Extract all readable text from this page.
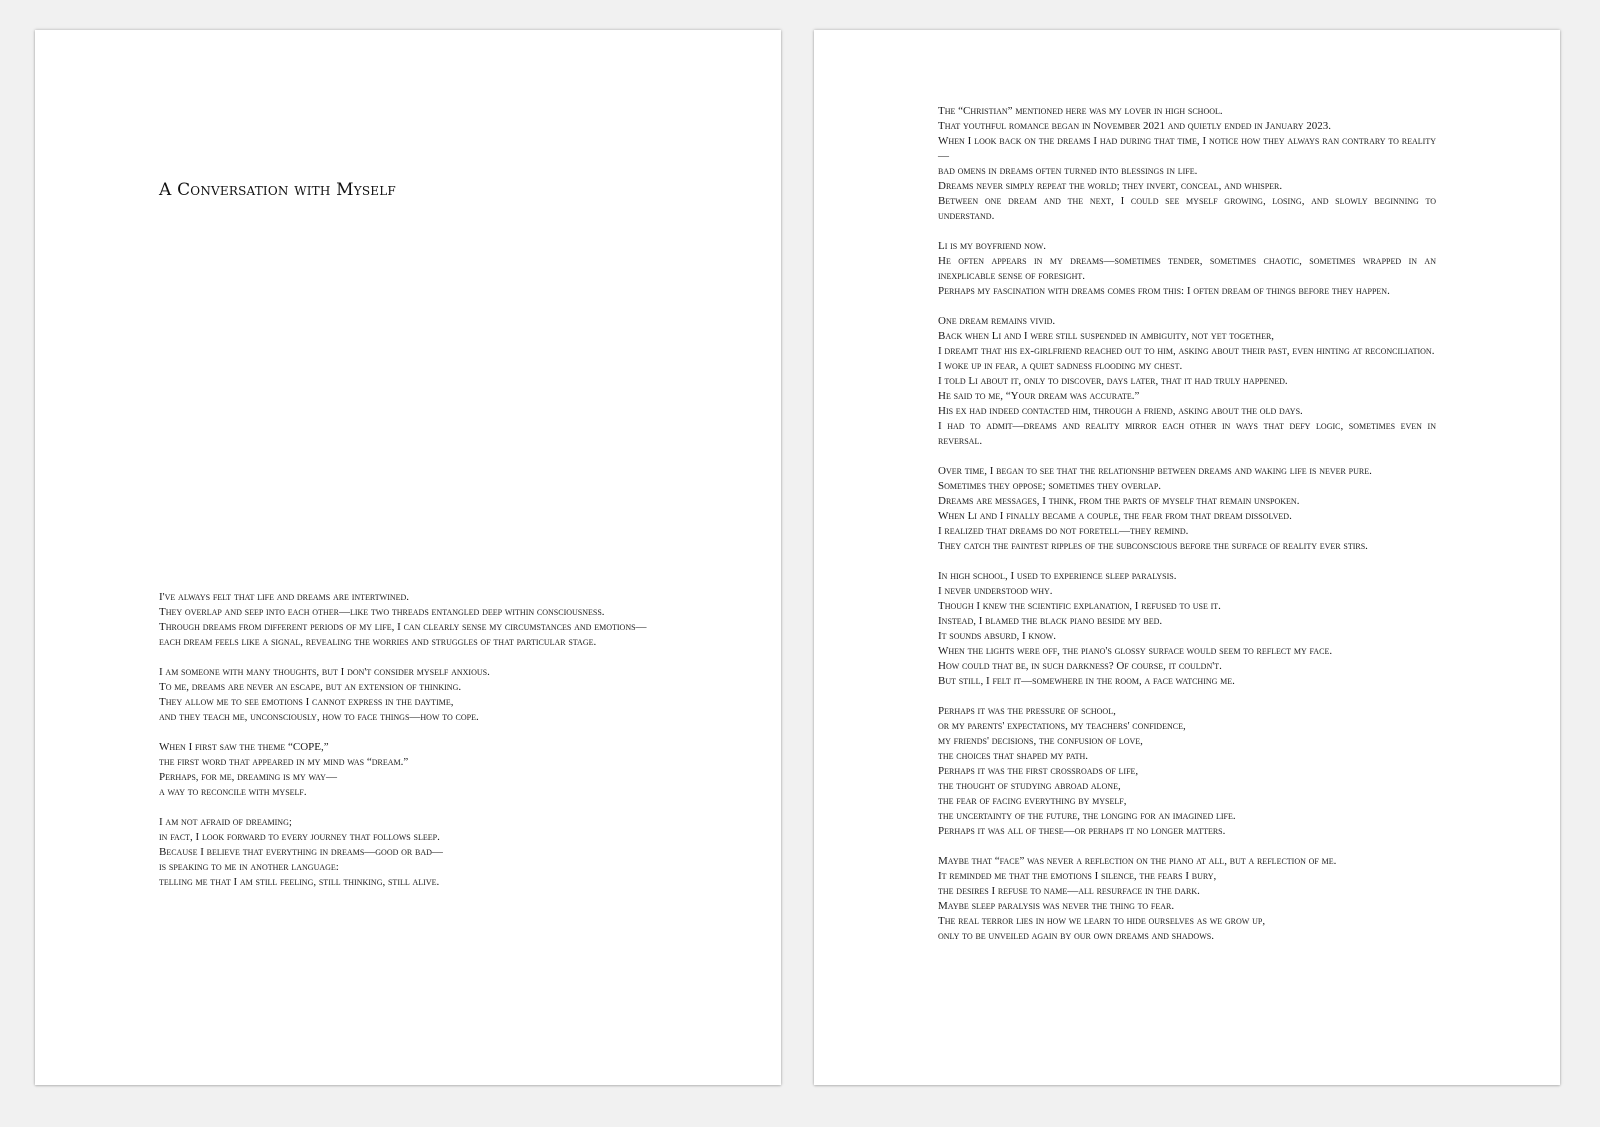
A Conversation with Myself

I've always felt that life and dreams are intertwined.
They overlap and seep into each other—like two threads entangled deep within consciousness.
Through dreams from different periods of my life, I can clearly sense my circumstances and emotions—
each dream feels like a signal, revealing the worries and struggles of that particular stage.

I am someone with many thoughts, but I don't consider myself anxious.
To me, dreams are never an escape, but an extension of thinking.
They allow me to see emotions I cannot express in the daytime,
and they teach me, unconsciously, how to face things—how to cope.

When I first saw the theme “COPE,”
the first word that appeared in my mind was “dream.”
Perhaps, for me, dreaming is my way—
a way to reconcile with myself.

I am not afraid of dreaming;
in fact, I look forward to every journey that follows sleep.
Because I believe that everything in dreams—good or bad—
is speaking to me in another language:
telling me that I am still feeling, still thinking, still alive.

The “Christian” mentioned here was my lover in high school.
That youthful romance began in November 2021 and quietly ended in January 2023.
When I look back on the dreams I had during that time, I notice how they always ran contrary to reality—
bad omens in dreams often turned into blessings in life.
Dreams never simply repeat the world; they invert, conceal, and whisper.
Between one dream and the next, I could see myself growing, losing, and slowly beginning to understand.

Li is my boyfriend now.
He often appears in my dreams—sometimes tender, sometimes chaotic, sometimes wrapped in an inexplicable sense of foresight.
Perhaps my fascination with dreams comes from this: I often dream of things before they happen.

One dream remains vivid.
Back when Li and I were still suspended in ambiguity, not yet together,
I dreamt that his ex-girlfriend reached out to him, asking about their past, even hinting at reconciliation.
I woke up in fear, a quiet sadness flooding my chest.
I told Li about it, only to discover, days later, that it had truly happened.
He said to me, “Your dream was accurate.”
His ex had indeed contacted him, through a friend, asking about the old days.
I had to admit—dreams and reality mirror each other in ways that defy logic, sometimes even in reversal.

Over time, I began to see that the relationship between dreams and waking life is never pure.
Sometimes they oppose; sometimes they overlap.
Dreams are messages, I think, from the parts of myself that remain unspoken.
When Li and I finally became a couple, the fear from that dream dissolved.
I realized that dreams do not foretell—they remind.
They catch the faintest ripples of the subconscious before the surface of reality ever stirs.

In high school, I used to experience sleep paralysis.
I never understood why.
Though I knew the scientific explanation, I refused to use it.
Instead, I blamed the black piano beside my bed.
It sounds absurd, I know.
When the lights were off, the piano's glossy surface would seem to reflect my face.
How could that be, in such darkness? Of course, it couldn't.
But still, I felt it—somewhere in the room, a face watching me.

Perhaps it was the pressure of school,
or my parents' expectations, my teachers' confidence,
my friends' decisions, the confusion of love,
the choices that shaped my path.
Perhaps it was the first crossroads of life,
the thought of studying abroad alone,
the fear of facing everything by myself,
the uncertainty of the future, the longing for an imagined life.
Perhaps it was all of these—or perhaps it no longer matters.

Maybe that “face” was never a reflection on the piano at all, but a reflection of me.
It reminded me that the emotions I silence, the fears I bury,
the desires I refuse to name—all resurface in the dark.
Maybe sleep paralysis was never the thing to fear.
The real terror lies in how we learn to hide ourselves as we grow up,
only to be unveiled again by our own dreams and shadows.
